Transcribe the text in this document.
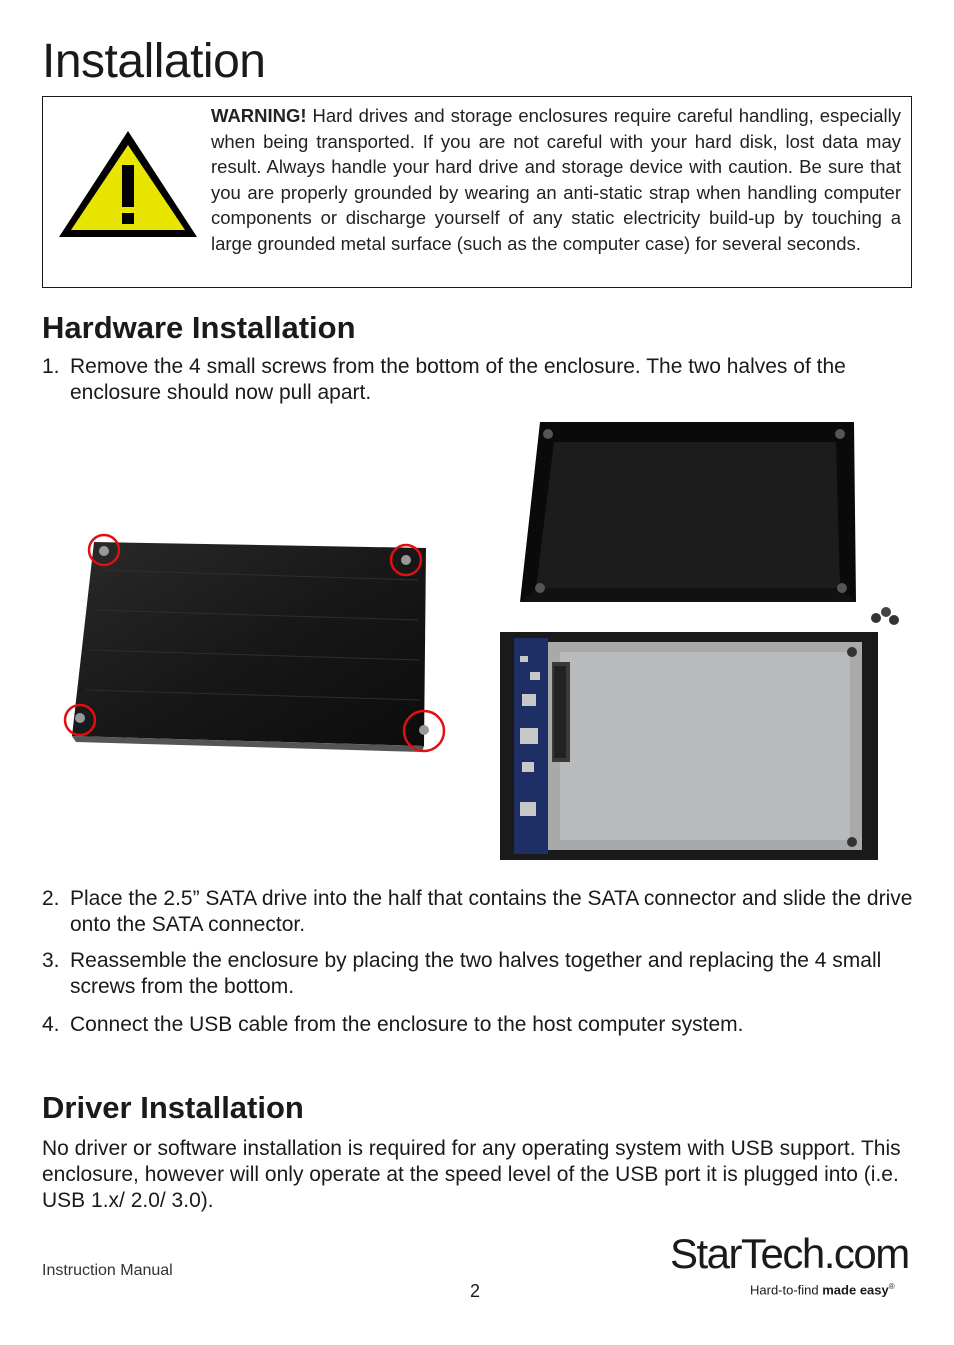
Installation
WARNING! Hard drives and storage enclosures require careful handling, especially when being transported. If you are not careful with your hard disk, lost data may result. Always handle your hard drive and storage device with caution. Be sure that you are properly grounded by wearing an anti-static strap when handling computer components or discharge yourself of any static electricity build-up by touching a large grounded metal surface (such as the computer case) for several seconds.
Hardware Installation
1. Remove the 4 small screws from the bottom of the enclosure. The two halves of the enclosure should now pull apart.
2. Place the 2.5” SATA drive into the half that contains the SATA connector and slide the drive onto the SATA connector.
3. Reassemble the enclosure by placing the two halves together and replacing the 4 small screws from the bottom.
4. Connect the USB cable from the enclosure to the host computer system.
Driver Installation
No driver or software installation is required for any operating system with USB support. This enclosure, however will only operate at the speed level of the USB port it is plugged into (i.e. USB 1.x/ 2.0/ 3.0).
Instruction Manual
2
StarTech.com
Hard-to-find made easy®
